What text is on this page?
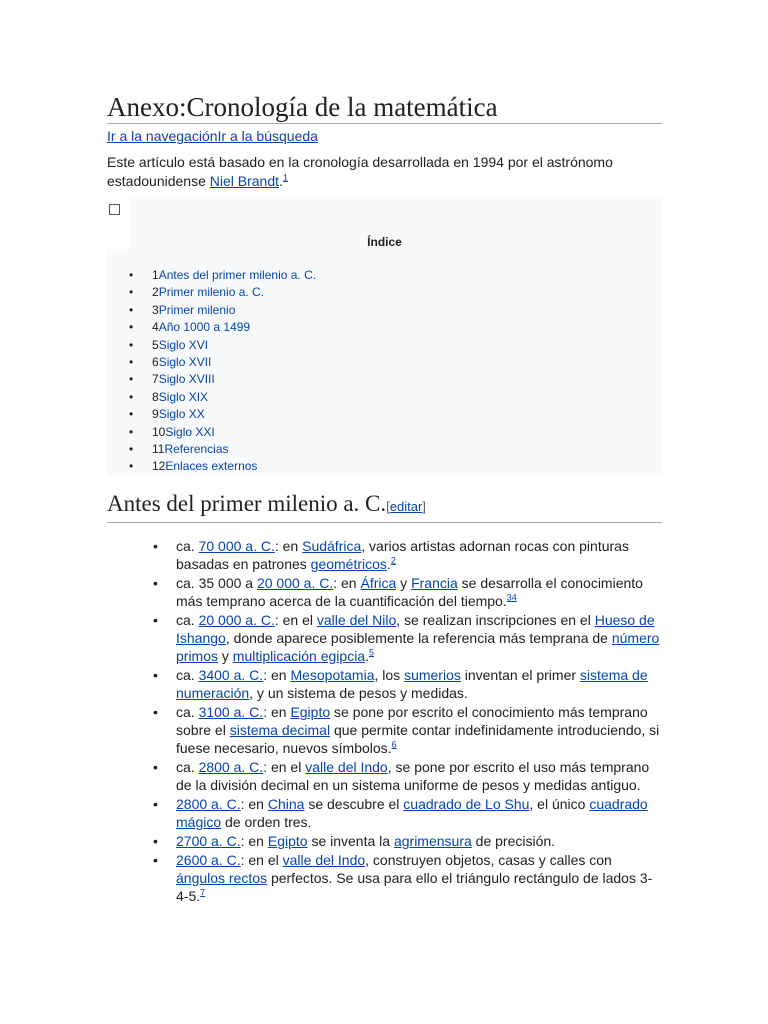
Anexo:Cronología de la matemática
Ir a la navegaciónIr a la búsqueda
Este artículo está basado en la cronología desarrollada en 1994 por el astrónomo estadounidense Niel Brandt.$^1$
Índice
• 1Antes del primer milenio a. C.
• 2Primer milenio a. C.
• 3Primer milenio
• 4Año 1000 a 1499
• 5Siglo XVI
• 6Siglo XVII
• 7Siglo XVIII
• 8Siglo XIX
• 9Siglo XX
• 10Siglo XXI
• 11Referencias
• 12Enlaces externos
Antes del primer milenio a. C.[editar]
• ca. 70 000 a. C.: en Sudáfrica, varios artistas adornan rocas con pinturas basadas en patrones geométricos.$^2$
• ca. 35 000 a 20 000 a. C.: en África y Francia se desarrolla el conocimiento más temprano acerca de la cuantificación del tiempo.$^{34}$
• ca. 20 000 a. C.: en el valle del Nilo, se realizan inscripciones en el Hueso de Ishango, donde aparece posiblemente la referencia más temprana de número primos y multiplicación egipcia.$^5$
• ca. 3400 a. C.: en Mesopotamia, los sumerios inventan el primer sistema de numeración, y un sistema de pesos y medidas.
• ca. 3100 a. C.: en Egipto se pone por escrito el conocimiento más temprano sobre el sistema decimal que permite contar indefinidamente introduciendo, si fuese necesario, nuevos símbolos.$^6$
• ca. 2800 a. C.: en el valle del Indo, se pone por escrito el uso más temprano de la división decimal en un sistema uniforme de pesos y medidas antiguo.
• 2800 a. C.: en China se descubre el cuadrado de Lo Shu, el único cuadrado mágico de orden tres.
• 2700 a. C.: en Egipto se inventa la agrimensura de precisión.
• 2600 a. C.: en el valle del Indo, construyen objetos, casas y calles con ángulos rectos perfectos. Se usa para ello el triángulo rectángulo de lados 3-4-5.$^7$
